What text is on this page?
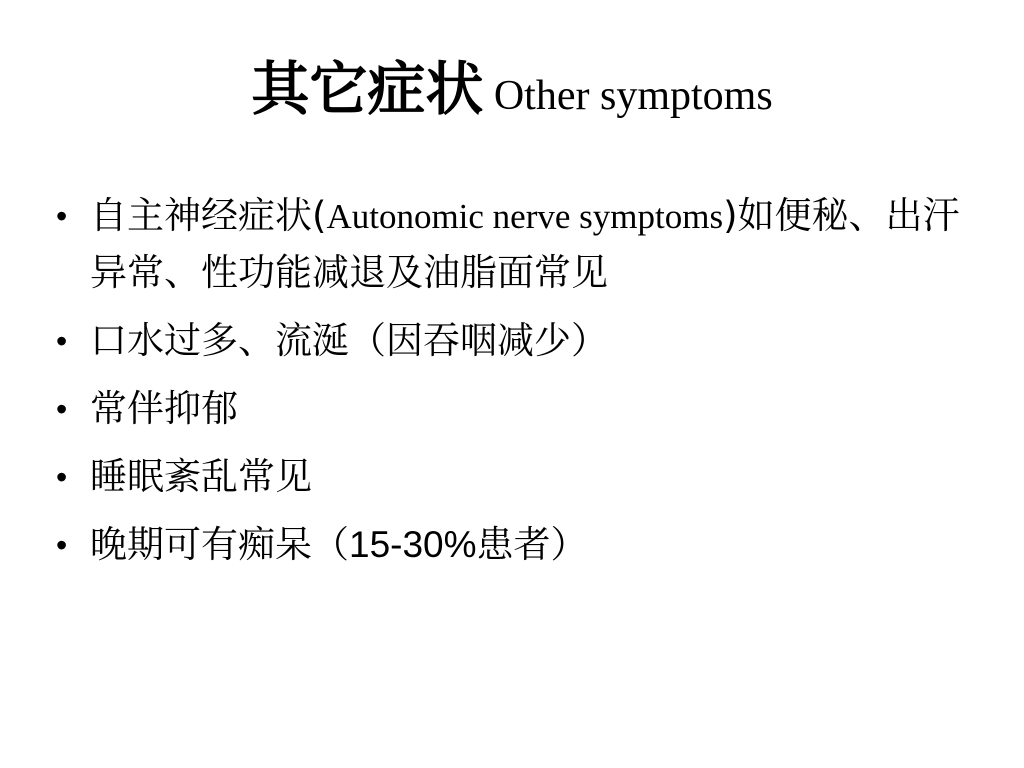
其它症状 Other symptoms
• 自主神经症状(Autonomic nerve symptoms)如便秘、出汗异常、性功能减退及油脂面常见
• 口水过多、流涎（因吞咽减少）
• 常伴抑郁
• 睡眠紊乱常见
• 晚期可有痴呆（15-30%患者）
